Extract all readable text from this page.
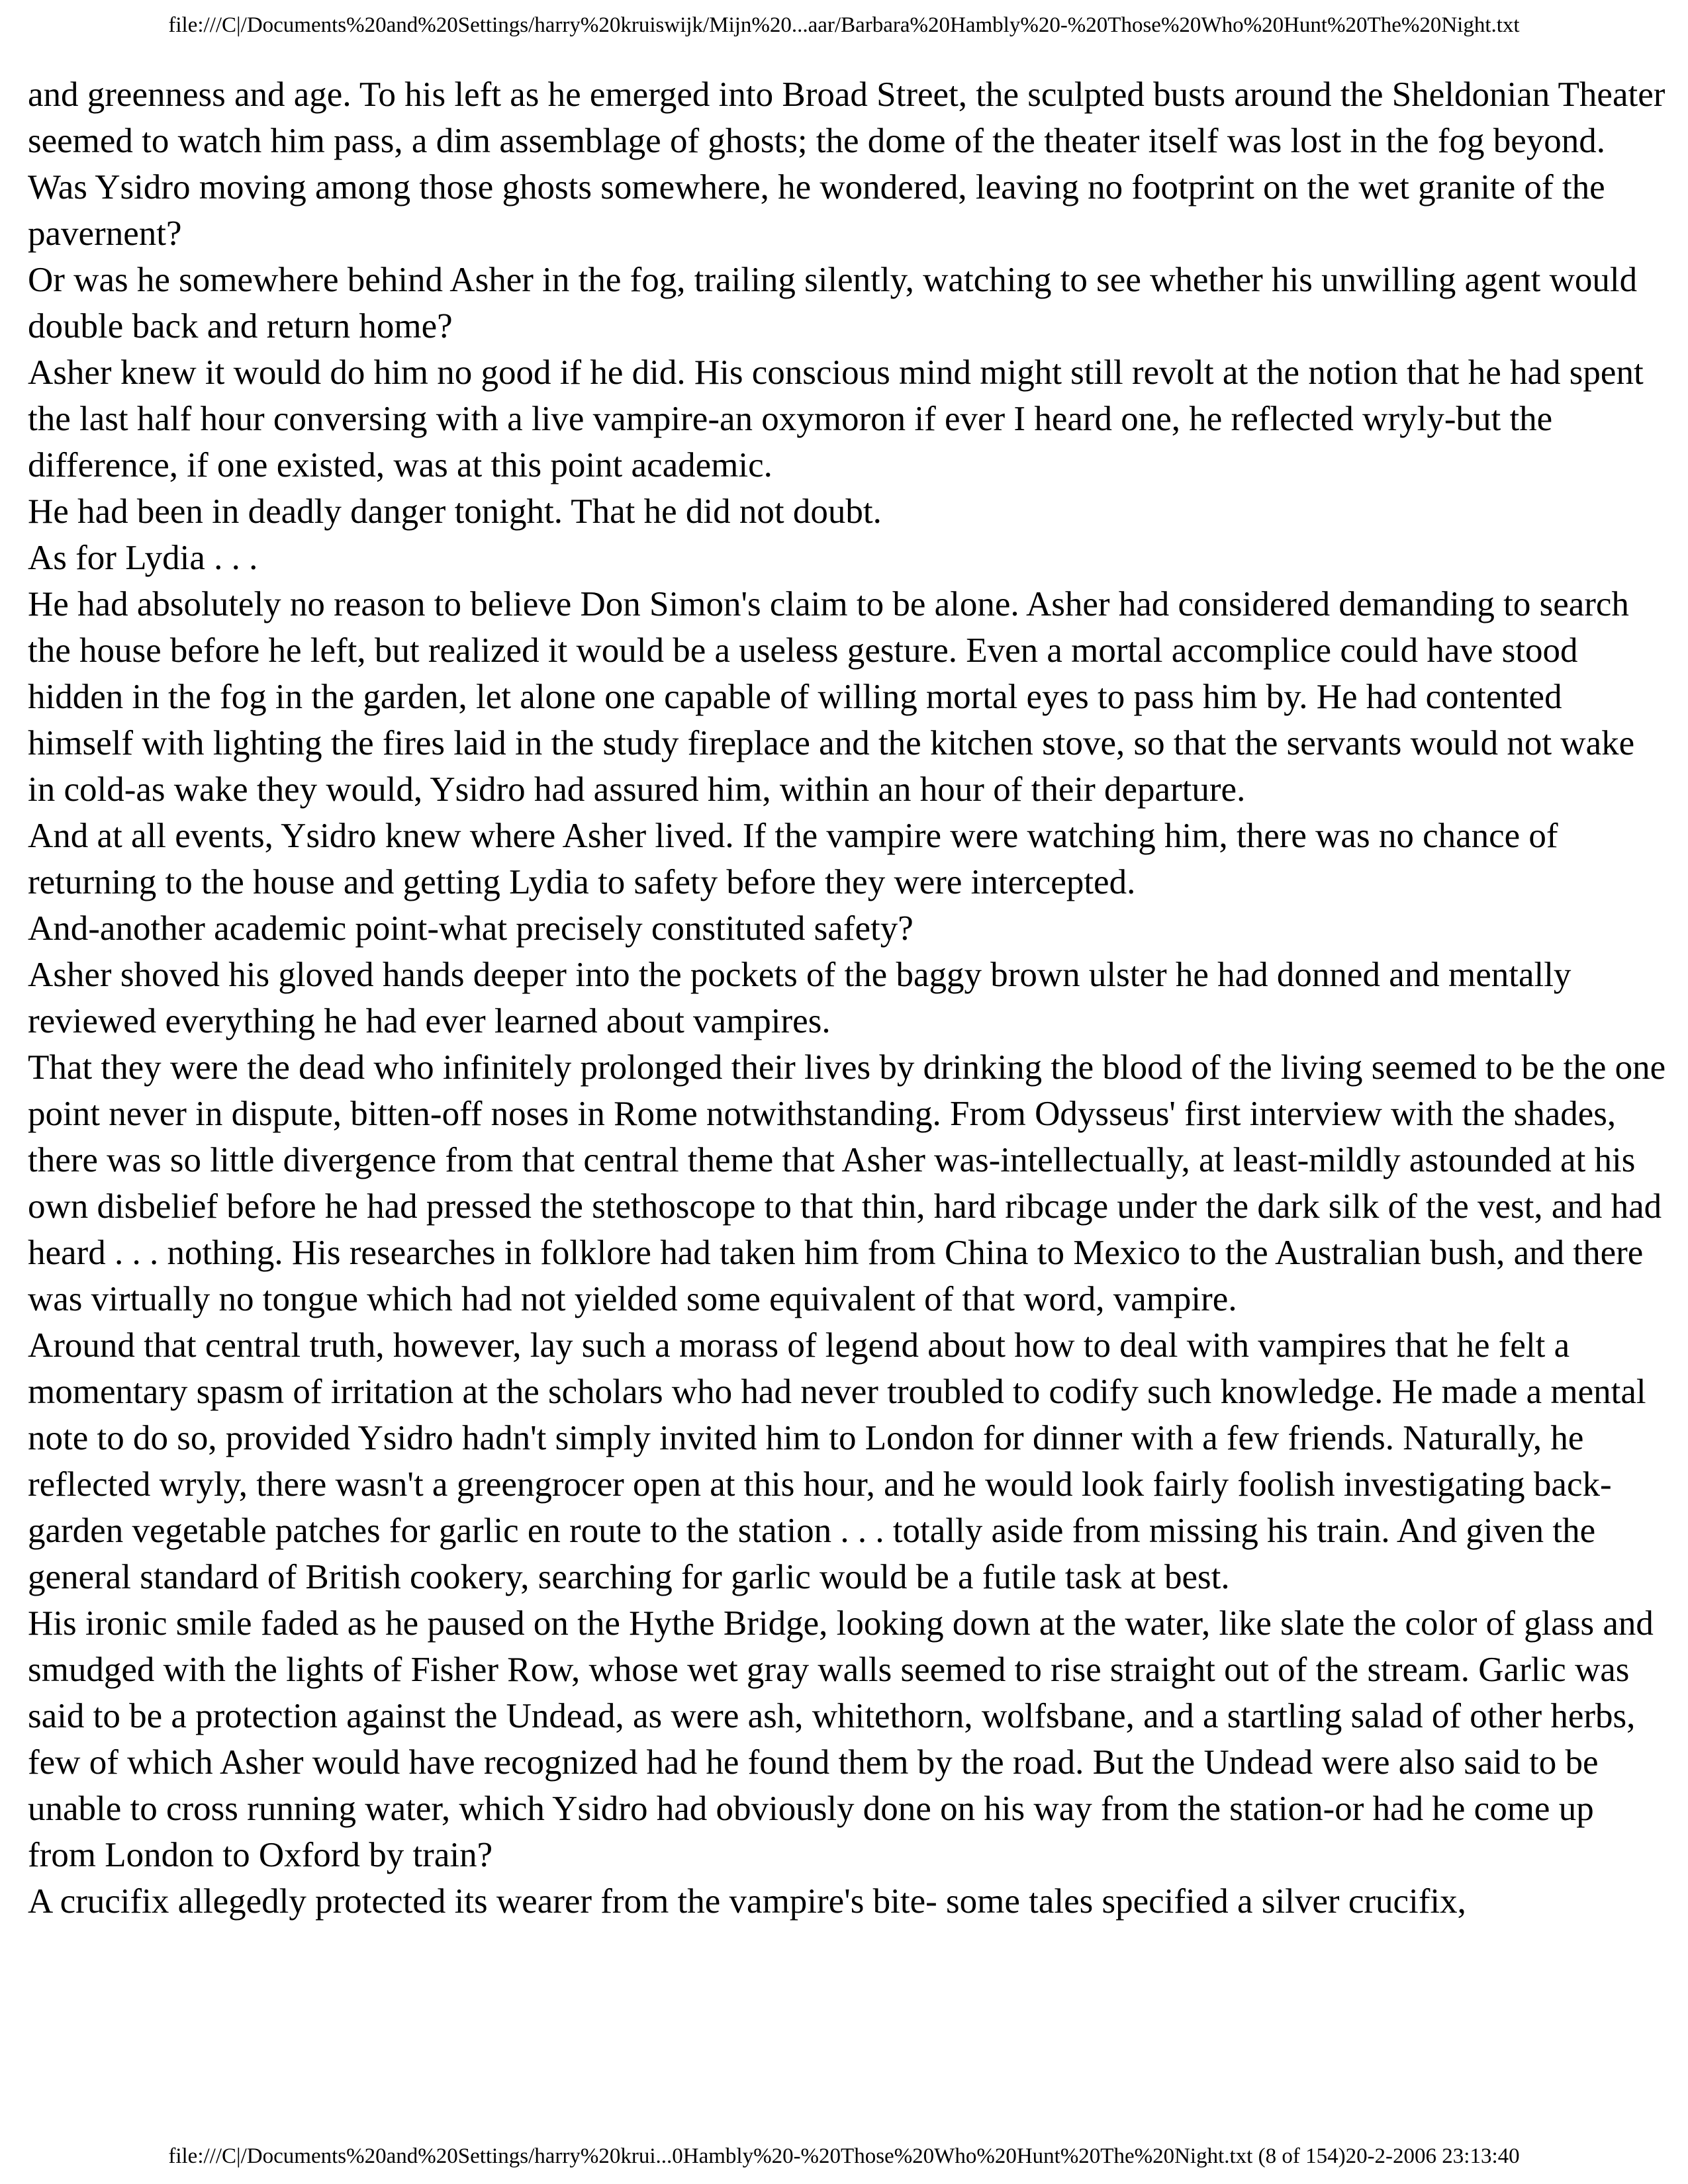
file:///C|/Documents%20and%20Settings/harry%20kruiswijk/Mijn%20...aar/Barbara%20Hambly%20-%20Those%20Who%20Hunt%20The%20Night.txt

and greenness and age. To his left as he emerged into Broad Street, the sculpted busts around the Sheldonian Theater seemed to watch him pass, a dim assemblage of ghosts; the dome of the theater itself was lost in the fog beyond. Was Ysidro moving among those ghosts somewhere, he wondered, leaving no footprint on the wet granite of the pavernent?

Or was he somewhere behind Asher in the fog, trailing silently, watching to see whether his unwilling agent would double back and return home?

Asher knew it would do him no good if he did. His conscious mind might still revolt at the notion that he had spent the last half hour conversing with a live vampire-an oxymoron if ever I heard one, he reflected wryly-but the difference, if one existed, was at this point academic.

He had been in deadly danger tonight. That he did not doubt.

As for Lydia . . .

He had absolutely no reason to believe Don Simon's claim to be alone. Asher had considered demanding to search the house before he left, but realized it would be a useless gesture. Even a mortal accomplice could have stood hidden in the fog in the garden, let alone one capable of willing mortal eyes to pass him by. He had contented himself with lighting the fires laid in the study fireplace and the kitchen stove, so that the servants would not wake in cold-as wake they would, Ysidro had assured him, within an hour of their departure.

And at all events, Ysidro knew where Asher lived. If the vampire were watching him, there was no chance of returning to the house and getting Lydia to safety before they were intercepted.

And-another academic point-what precisely constituted safety?

Asher shoved his gloved hands deeper into the pockets of the baggy brown ulster he had donned and mentally reviewed everything he had ever learned about vampires.

That they were the dead who infinitely prolonged their lives by drinking the blood of the living seemed to be the one point never in dispute, bitten-off noses in Rome notwithstanding. From Odysseus' first interview with the shades, there was so little divergence from that central theme that Asher was-intellectually, at least-mildly astounded at his own disbelief before he had pressed the stethoscope to that thin, hard ribcage under the dark silk of the vest, and had heard . . . nothing. His researches in folklore had taken him from China to Mexico to the Australian bush, and there was virtually no tongue which had not yielded some equivalent of that word, vampire.

Around that central truth, however, lay such a morass of legend about how to deal with vampires that he felt a momentary spasm of irritation at the scholars who had never troubled to codify such knowledge. He made a mental note to do so, provided Ysidro hadn't simply invited him to London for dinner with a few friends. Naturally, he reflected wryly, there wasn't a greengrocer open at this hour, and he would look fairly foolish investigating back-garden vegetable patches for garlic en route to the station . . . totally aside from missing his train. And given the general standard of British cookery, searching for garlic would be a futile task at best.

His ironic smile faded as he paused on the Hythe Bridge, looking down at the water, like slate the color of glass and smudged with the lights of Fisher Row, whose wet gray walls seemed to rise straight out of the stream. Garlic was said to be a protection against the Undead, as were ash, whitethorn, wolfsbane, and a startling salad of other herbs, few of which Asher would have recognized had he found them by the road. But the Undead were also said to be unable to cross running water, which Ysidro had obviously done on his way from the station-or had he come up from London to Oxford by train?

A crucifix allegedly protected its wearer from the vampire's bite- some tales specified a silver crucifix,

file:///C|/Documents%20and%20Settings/harry%20krui...0Hambly%20-%20Those%20Who%20Hunt%20The%20Night.txt (8 of 154)20-2-2006 23:13:40
